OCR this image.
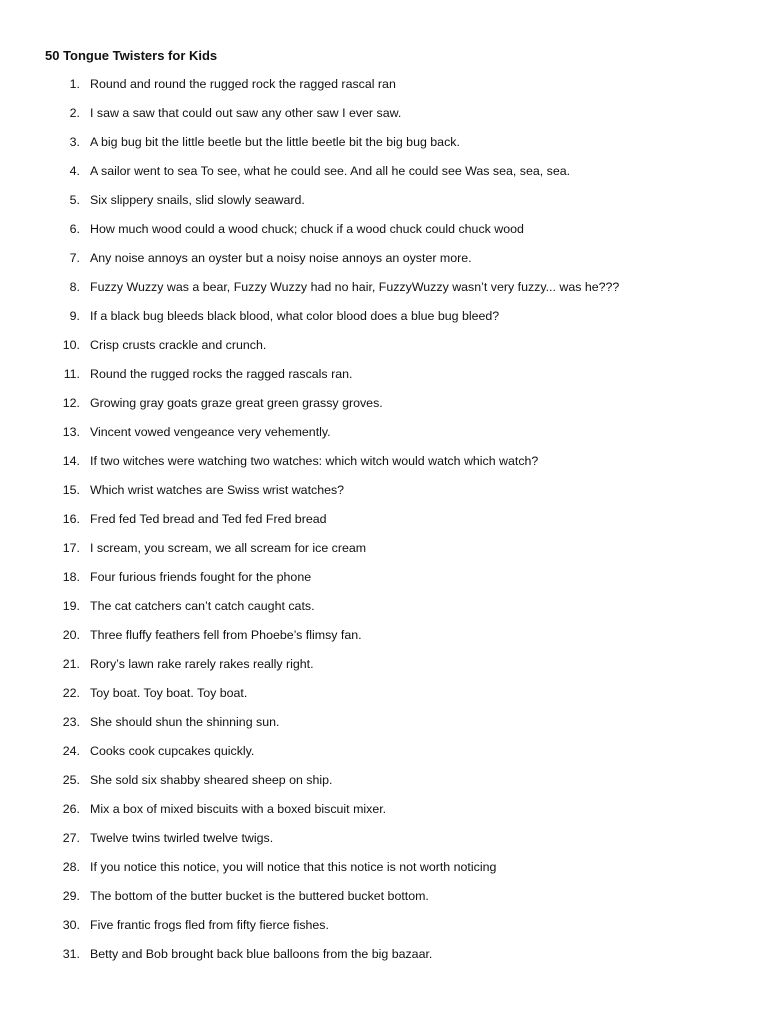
50 Tongue Twisters for Kids
1. Round and round the rugged rock the ragged rascal ran
2. I saw a saw that could out saw any other saw I ever saw.
3. A big bug bit the little beetle but the little beetle bit the big bug back.
4. A sailor went to sea To see, what he could see. And all he could see Was sea, sea, sea.
5. Six slippery snails, slid slowly seaward.
6. How much wood could a wood chuck; chuck if a wood chuck could chuck wood
7. Any noise annoys an oyster but a noisy noise annoys an oyster more.
8. Fuzzy Wuzzy was a bear, Fuzzy Wuzzy had no hair, FuzzyWuzzy wasn’t very fuzzy... was he???
9. If a black bug bleeds black blood, what color blood does a blue bug bleed?
10. Crisp crusts crackle and crunch.
11. Round the rugged rocks the ragged rascals ran.
12. Growing gray goats graze great green grassy groves.
13. Vincent vowed vengeance very vehemently.
14. If two witches were watching two watches: which witch would watch which watch?
15. Which wrist watches are Swiss wrist watches?
16. Fred fed Ted bread and Ted fed Fred bread
17. I scream, you scream, we all scream for ice cream
18. Four furious friends fought for the phone
19. The cat catchers can’t catch caught cats.
20. Three fluffy feathers fell from Phoebe’s flimsy fan.
21. Rory’s lawn rake rarely rakes really right.
22. Toy boat. Toy boat. Toy boat.
23. She should shun the shinning sun.
24. Cooks cook cupcakes quickly.
25. She sold six shabby sheared sheep on ship.
26. Mix a box of mixed biscuits with a boxed biscuit mixer.
27. Twelve twins twirled twelve twigs.
28. If you notice this notice, you will notice that this notice is not worth noticing
29. The bottom of the butter bucket is the buttered bucket bottom.
30. Five frantic frogs fled from fifty fierce fishes.
31. Betty and Bob brought back blue balloons from the big bazaar.
